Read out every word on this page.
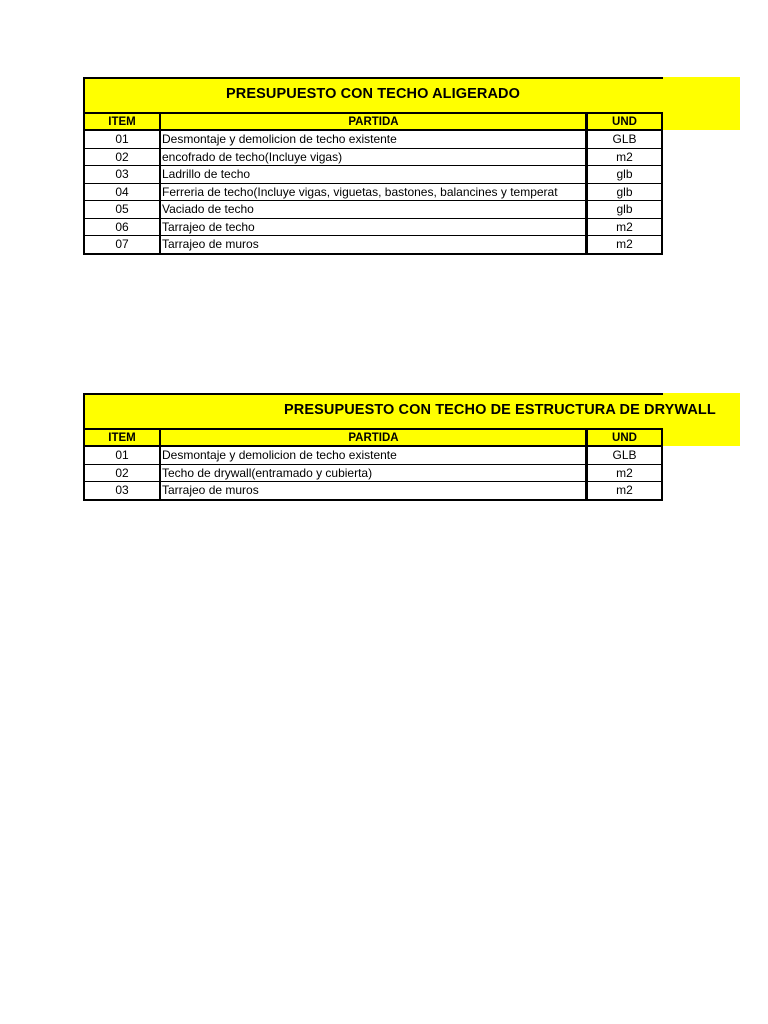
PRESUPUESTO CON TECHO ALIGERADO
ITEM	PARTIDA	UND
01	Desmontaje y demolicion de techo existente	GLB
02	encofrado de techo(Incluye vigas)	m2
03	Ladrillo de techo	glb
04	Ferreria de techo(Incluye vigas, viguetas, bastones, balancines y temperat	glb
05	Vaciado de techo	glb
06	Tarrajeo de techo	m2
07	Tarrajeo de muros	m2
PRESUPUESTO CON TECHO DE ESTRUCTURA DE DRYWALL
ITEM	PARTIDA	UND
01	Desmontaje y demolicion de techo existente	GLB
02	Techo de drywall(entramado y cubierta)	m2
03	Tarrajeo de muros	m2
